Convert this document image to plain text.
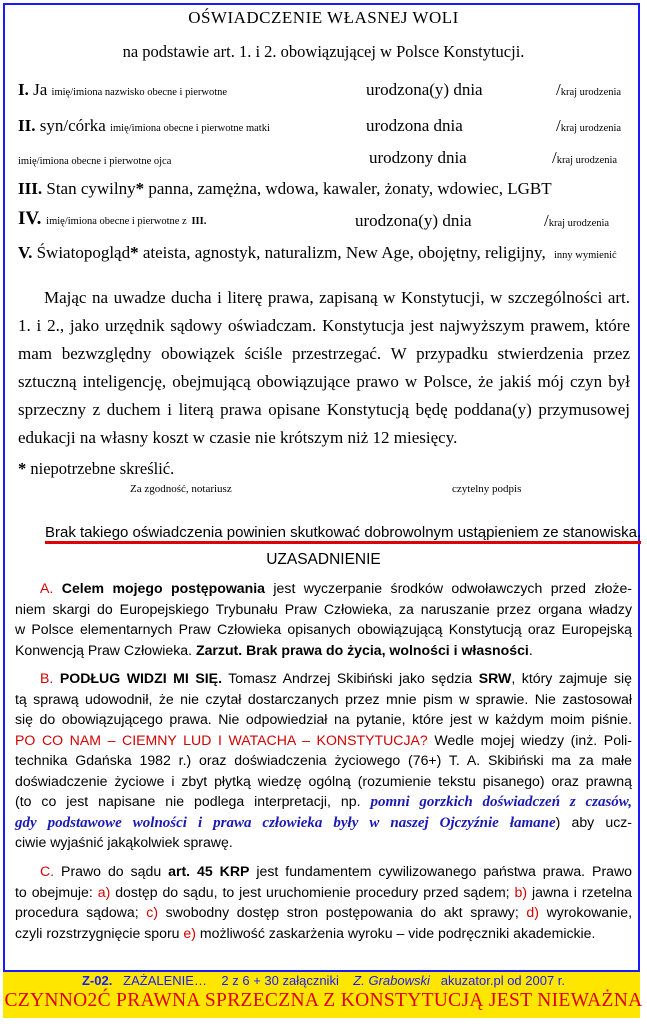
OŚWIADCZENIE WŁASNEJ WOLI
na podstawie art. 1. i 2. obowiązującej w Polsce Konstytucji.
I. Ja imię/imiona nazwisko obecne i pierwotne	urodzona(y) dnia	/kraj urodzenia
II. syn/córka imię/imiona obecne i pierwotne matki	urodzona dnia	/kraj urodzenia
imię/imiona obecne i pierwotne ojca	urodzony dnia	/kraj urodzenia
III. Stan cywilny* panna, zamężna, wdowa, kawaler, żonaty, wdowiec, LGBT
IV. imię/imiona obecne i pierwotne z III.	urodzona(y) dnia	/kraj urodzenia
V. Światopogląd* ateista, agnostyk, naturalizm, New Age, obojętny, religijny, inny wymienić
Mając na uwadze ducha i literę prawa, zapisaną w Konstytucji, w szczególności art.
1. i 2., jako urzędnik sądowy oświadczam. Konstytucja jest najwyższym prawem, które
mam bezwzględny obowiązek ściśle przestrzegać. W przypadku stwierdzenia przez
sztuczną inteligencję, obejmującą obowiązujące prawo w Polsce, że jakiś mój czyn był
sprzeczny z duchem i literą prawa opisane Konstytucją będę poddana(y) przymusowej
edukacji na własny koszt w czasie nie krótszym niż 12 miesięcy.
* niepotrzebne skreślić.
Za zgodność, notariusz	czytelny podpis
Brak takiego oświadczenia powinien skutkować dobrowolnym ustąpieniem ze stanowiska.
UZASADNIENIE
A. Celem mojego postępowania jest wyczerpanie środków odwoławczych przed złoże-
niem skargi do Europejskiego Trybunału Praw Człowieka, za naruszanie przez organa władzy
w Polsce elementarnych Praw Człowieka opisanych obowiązującą Konstytucją oraz Europejską
Konwencją Praw Człowieka. Zarzut. Brak prawa do życia, wolności i własności.
B. PODŁUG WIDZI MI SIĘ. Tomasz Andrzej Skibiński jako sędzia SRW, który zajmuje się
tą sprawą udowodnił, że nie czytał dostarczanych przez mnie pism w sprawie. Nie zastosował
się do obowiązującego prawa. Nie odpowiedział na pytanie, które jest w każdym moim piśnie.
PO CO NAM – CIEMNY LUD I WATACHA – KONSTYTUCJA? Wedle mojej wiedzy (inż. Poli-
technika Gdańska 1982 r.) oraz doświadczenia życiowego (76+) T. A. Skibiński ma za małe
doświadczenie życiowe i zbyt płytką wiedzę ogólną (rozumienie tekstu pisanego) oraz prawną
(to co jest napisane nie podlega interpretacji, np. pomni gorzkich doświadczeń z czasów,
gdy podstawowe wolności i prawa człowieka były w naszej Ojczyźnie łamane) aby ucz-
ciwie wyjaśnić jakąkolwiek sprawę.
C. Prawo do sądu art. 45 KRP jest fundamentem cywilizowanego państwa prawa. Prawo
to obejmuje: a) dostęp do sądu, to jest uruchomienie procedury przed sądem; b) jawna i rzetelna
procedura sądowa; c) swobodny dostęp stron postępowania do akt sprawy; d) wyrokowanie,
czyli rozstrzygnięcie sporu e) możliwość zaskarżenia wyroku – vide podręczniki akademickie.
Z-02. ZAŻALENIE… 2 z 6 + 30 załączniki Z. Grabowski akuzator.pl od 2007 r.
CZYNNO2Ć PRAWNA SPRZECZNA Z KONSTYTUCJĄ JEST NIEWAŻNA
